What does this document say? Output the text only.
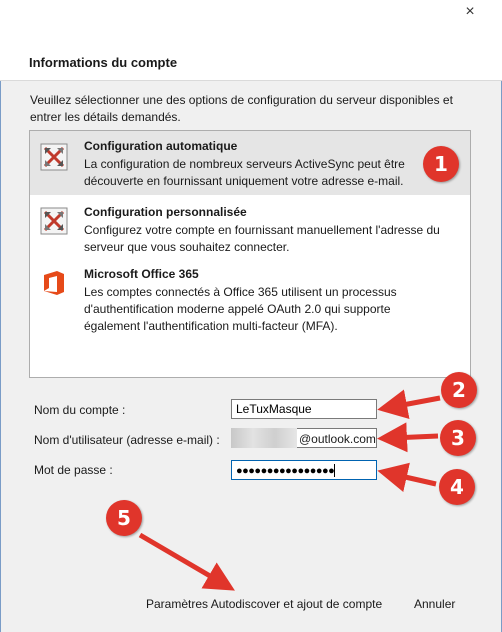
×
Informations du compte
Veuillez sélectionner une des options de configuration du serveur disponibles et entrer les détails demandés.
Configuration automatique
La configuration de nombreux serveurs ActiveSync peut être découverte en fournissant uniquement votre adresse e-mail.
Configuration personnalisée
Configurez votre compte en fournissant manuellement l'adresse du serveur que vous souhaitez connecter.
Microsoft Office 365
Les comptes connectés à Office 365 utilisent un processus d'authentification moderne appelé OAuth 2.0 qui supporte également l'authentification multi-facteur (MFA).
Nom du compte :
LeTuxMasque
Nom d'utilisateur (adresse e-mail) :	@outlook.com
Mot de passe :	●●●●●●●●●●●●●●●●
Paramètres Autodiscover et ajout de compte	Annuler
1
2
3
4
5
